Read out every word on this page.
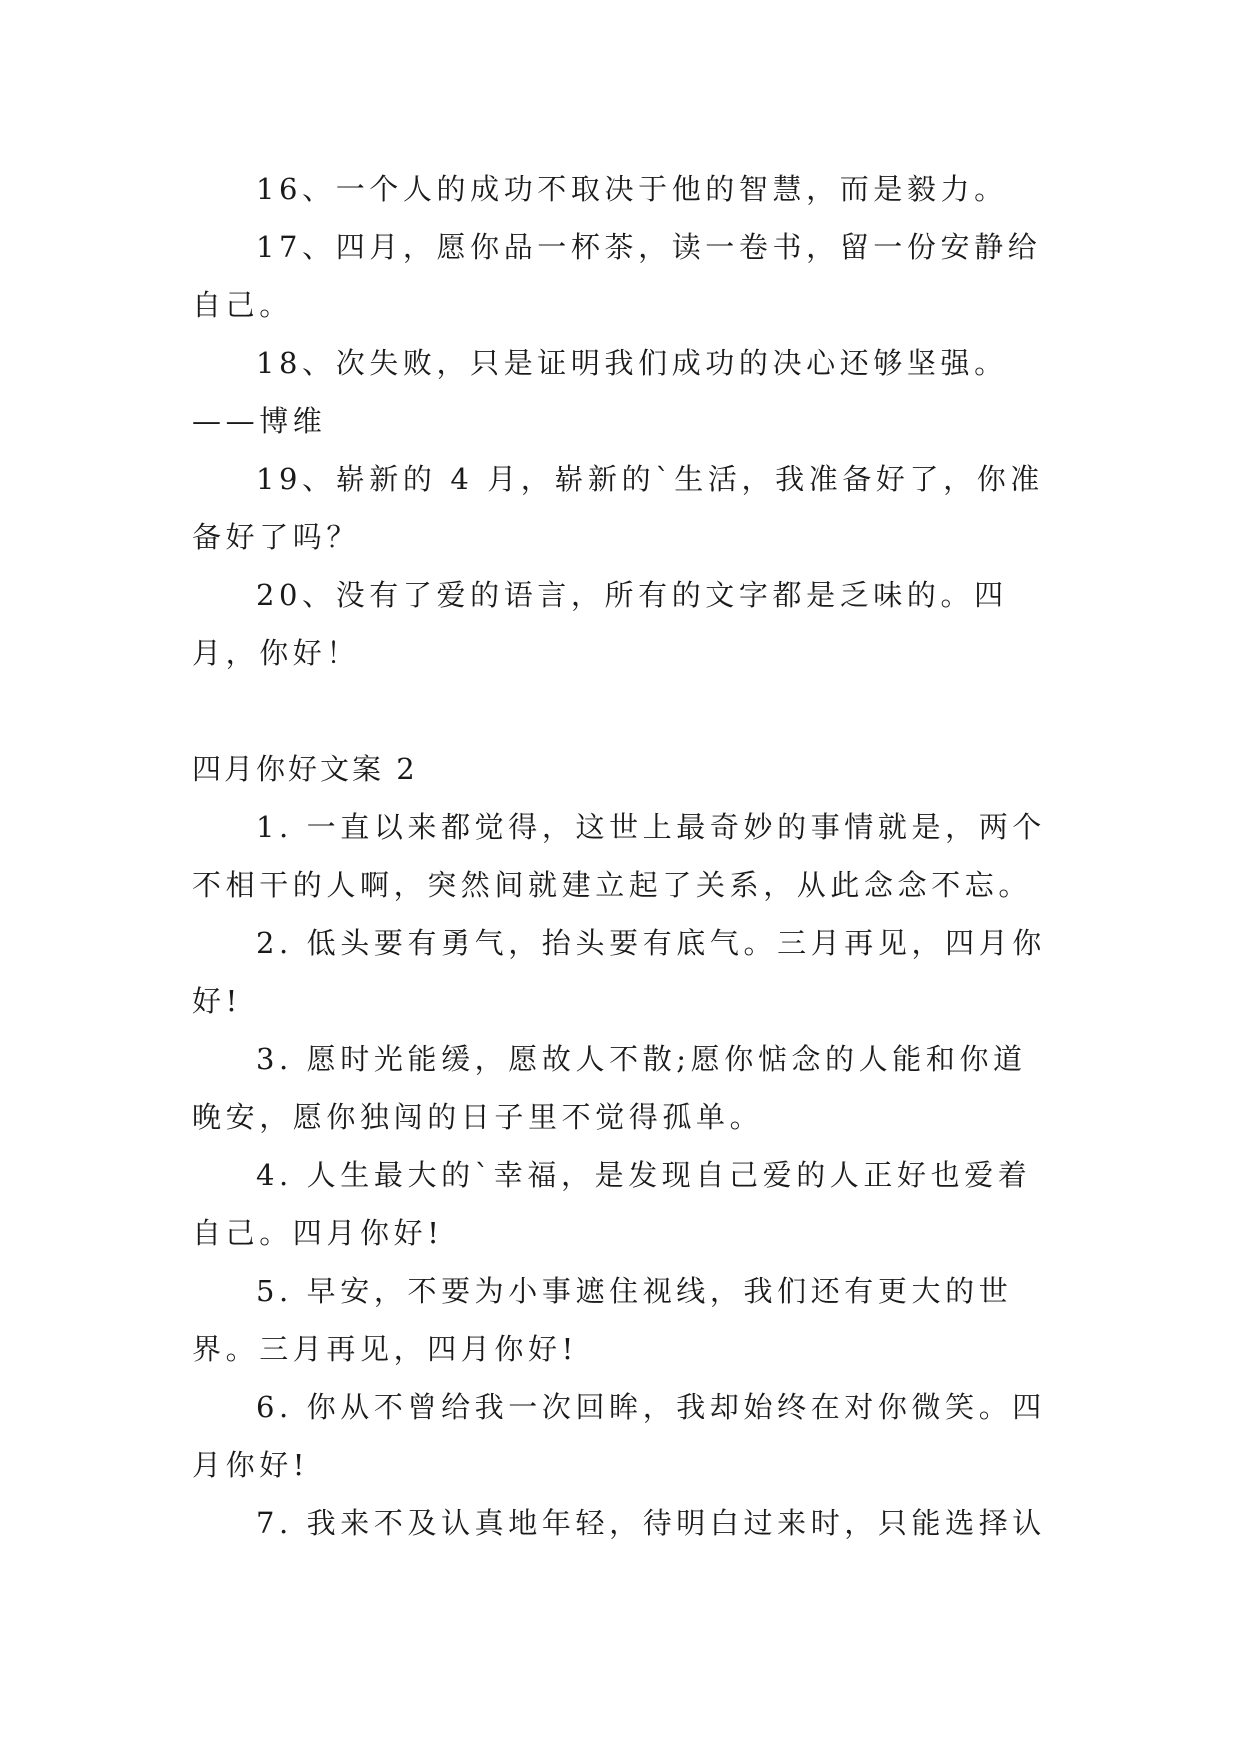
16、一个人的成功不取决于他的智慧，而是毅力。

17、四月，愿你品一杯茶，读一卷书，留一份安静给自己。

18、次失败，只是证明我们成功的决心还够坚强。——博维

19、崭新的 4 月，崭新的`生活，我准备好了，你准备好了吗？

20、没有了爱的语言，所有的文字都是乏味的。四月，你好！

四月你好文案 2

1. 一直以来都觉得，这世上最奇妙的事情就是，两个不相干的人啊，突然间就建立起了关系，从此念念不忘。

2. 低头要有勇气，抬头要有底气。三月再见，四月你好!

3. 愿时光能缓，愿故人不散;愿你惦念的人能和你道晚安，愿你独闯的日子里不觉得孤单。

4. 人生最大的`幸福，是发现自己爱的人正好也爱着自己。四月你好!

5. 早安，不要为小事遮住视线，我们还有更大的世界。三月再见，四月你好!

6. 你从不曾给我一次回眸，我却始终在对你微笑。四月你好!

7. 我来不及认真地年轻，待明白过来时，只能选择认
